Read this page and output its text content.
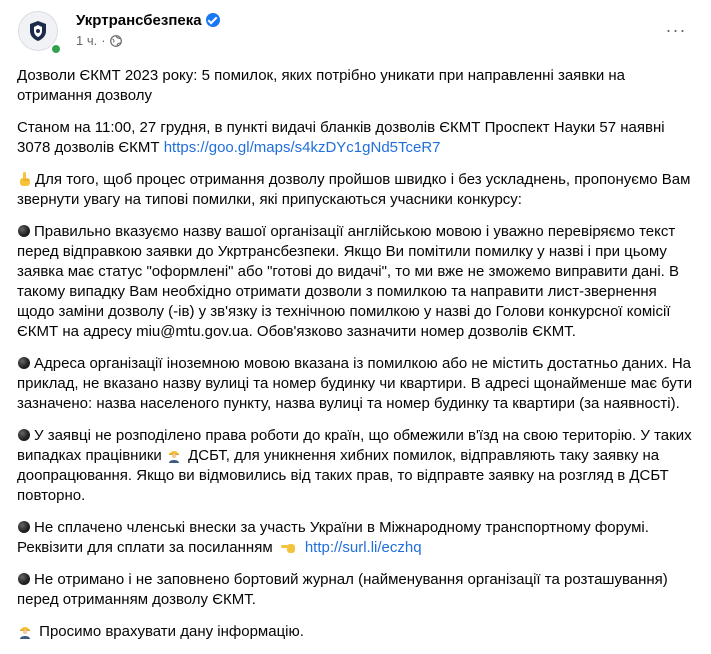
Укртрансбезпека
1 ч. ·
···

Дозволи ЄКМТ 2023 року: 5 помилок, яких потрібно уникати при направленні заявки на отримання дозволу

Станом на 11:00, 27 грудня, в пункті видачі бланків дозволів ЄКМТ Проспект Науки 57 наявні 3078 дозволів ЄКМТ https://goo.gl/maps/s4kzDYc1gNd5TceR7

Для того, щоб процес отримання дозволу пройшов швидко і без ускладнень, пропонуємо Вам звернути увагу на типові помилки, які припускаються учасники конкурсу:

Правильно вказуємо назву вашої організації англійською мовою і уважно перевіряємо текст перед відправкою заявки до Укртрансбезпеки. Якщо Ви помітили помилку у назві і при цьому заявка має статус "оформлені" або "готові до видачі", то ми вже не зможемо виправити дані. В такому випадку Вам необхідно отримати дозволи з помилкою та направити лист-звернення щодо заміни дозволу (-ів) у зв'язку із технічною помилкою у назві до Голови конкурсної комісії ЄКМТ на адресу miu@mtu.gov.ua. Обов'язково зазначити номер дозволів ЄКМТ.

Адреса організації іноземною мовою вказана із помилкою або не містить достатньо даних. На приклад, не вказано назву вулиці та номер будинку чи квартири. В адресі щонайменше має бути зазначено: назва населеного пункту, назва вулиці та номер будинку та квартири (за наявності).

У заявці не розподілено права роботи до країн, що обмежили в'їзд на свою територію. У таких випадках працівники  ДСБТ, для уникнення хибних помилок, відправляють таку заявку на доопрацювання. Якщо ви відмовились від таких прав, то відправте заявку на розгляд в ДСБТ повторно.

Не сплачено членські внески за участь України в Міжнародному транспортному форумі. Реквізити для сплати за посиланням http://surl.li/eczhq

Не отримано і не заповнено бортовий журнал (найменування організації та розташування) перед отриманням дозволу ЄКМТ.

Просимо врахувати дану інформацію.
